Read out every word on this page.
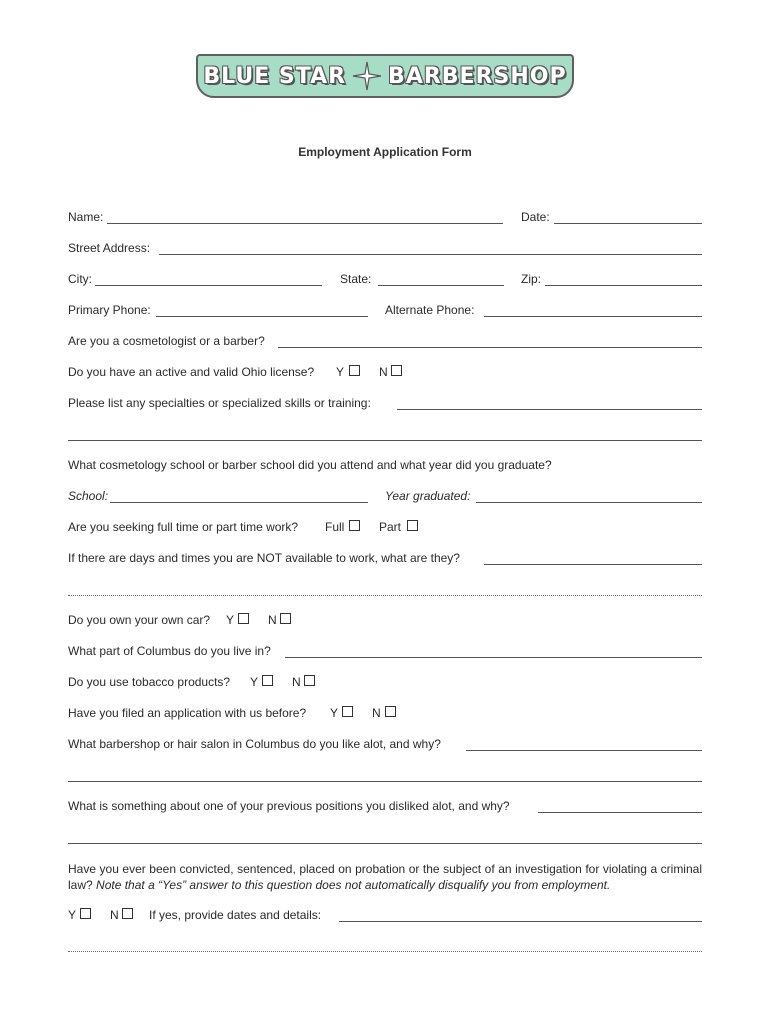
BLUE STAR BARBERSHOP
Employment Application Form
Name:	Date:
Street Address:
City:	State:	Zip:
Primary Phone:	Alternate Phone:
Are you a cosmetologist or a barber?
Do you have an active and valid Ohio license? Y	N
Please list any specialties or specialized skills or training:
What cosmetology school or barber school did you attend and what year did you graduate?
School:	Year graduated:
Are you seeking full time or part time work? Full	Part
If there are days and times you are NOT available to work, what are they?
Do you own your own car? Y	N
What part of Columbus do you live in?
Do you use tobacco products? Y	N
Have you filed an application with us before? Y	N
What barbershop or hair salon in Columbus do you like alot, and why?
What is something about one of your previous positions you disliked alot, and why?
Have you ever been convicted, sentenced, placed on probation or the subject of an investigation for violating a criminal law? Note that a “Yes” answer to this question does not automatically disqualify you from employment.
Y	N	If yes, provide dates and details:
